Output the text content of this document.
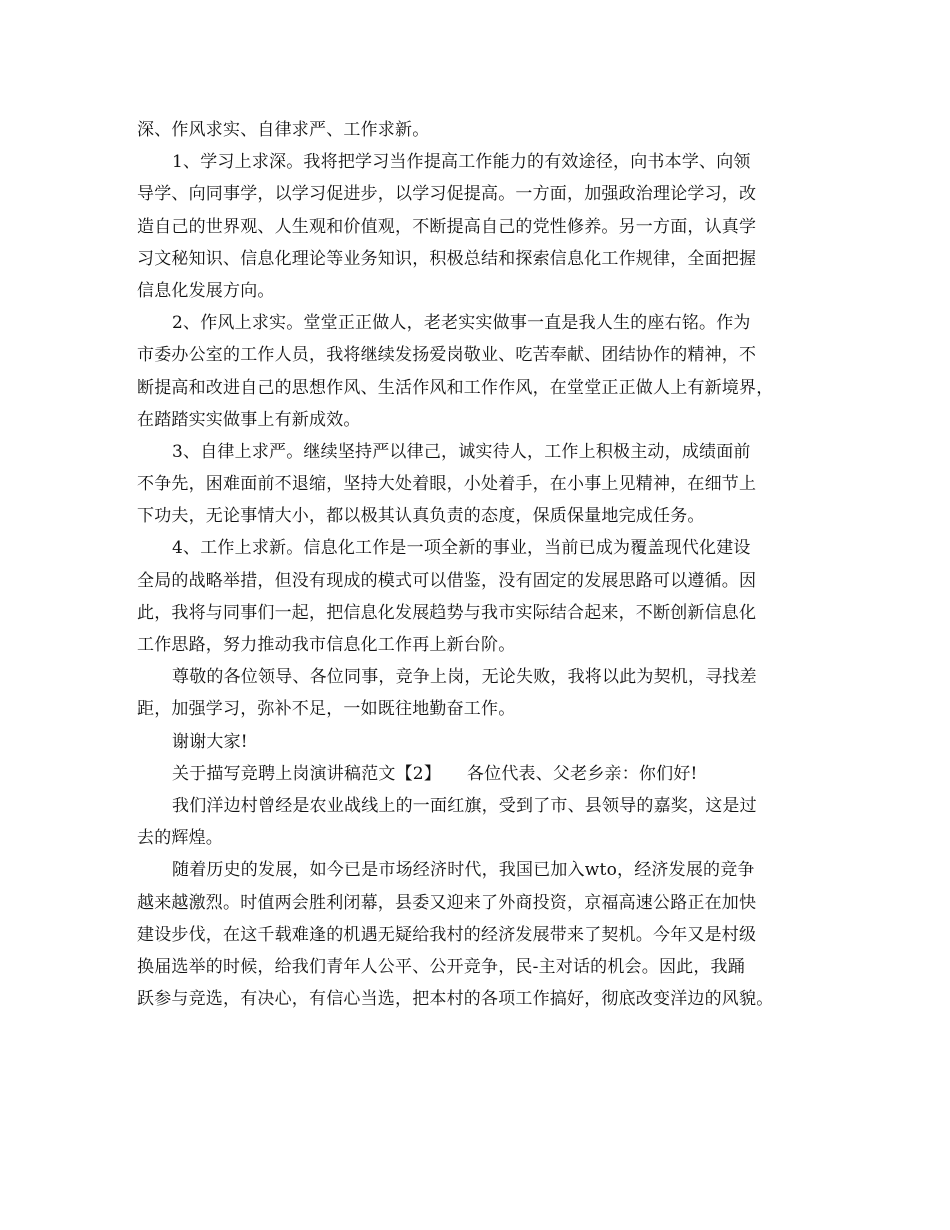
深、作风求实、自律求严、工作求新。

1、学习上求深。我将把学习当作提高工作能力的有效途径，向书本学、向领
导学、向同事学，以学习促进步，以学习促提高。一方面，加强政治理论学习，改
造自己的世界观、人生观和价值观，不断提高自己的党性修养。另一方面，认真学
习文秘知识、信息化理论等业务知识，积极总结和探索信息化工作规律，全面把握
信息化发展方向。

2、作风上求实。堂堂正正做人，老老实实做事一直是我人生的座右铭。作为
市委办公室的工作人员，我将继续发扬爱岗敬业、吃苦奉献、团结协作的精神，不
断提高和改进自己的思想作风、生活作风和工作作风，在堂堂正正做人上有新境界，
在踏踏实实做事上有新成效。

3、自律上求严。继续坚持严以律己，诚实待人，工作上积极主动，成绩面前
不争先，困难面前不退缩，坚持大处着眼，小处着手，在小事上见精神，在细节上
下功夫，无论事情大小，都以极其认真负责的态度，保质保量地完成任务。

4、工作上求新。信息化工作是一项全新的事业，当前已成为覆盖现代化建设
全局的战略举措，但没有现成的模式可以借鉴，没有固定的发展思路可以遵循。因
此，我将与同事们一起，把信息化发展趋势与我市实际结合起来，不断创新信息化
工作思路，努力推动我市信息化工作再上新台阶。

尊敬的各位领导、各位同事，竞争上岗，无论失败，我将以此为契机，寻找差
距，加强学习，弥补不足，一如既往地勤奋工作。

谢谢大家!

关于描写竞聘上岗演讲稿范文【2】　　各位代表、父老乡亲：你们好!

我们洋边村曾经是农业战线上的一面红旗，受到了市、县领导的嘉奖，这是过
去的辉煌。

随着历史的发展，如今已是市场经济时代，我国已加入wto，经济发展的竞争
越来越激烈。时值两会胜利闭幕，县委又迎来了外商投资，京福高速公路正在加快
建设步伐，在这千载难逢的机遇无疑给我村的经济发展带来了契机。今年又是村级
换届选举的时候，给我们青年人公平、公开竞争，民-主对话的机会。因此，我踊
跃参与竞选，有决心，有信心当选，把本村的各项工作搞好，彻底改变洋边的风貌。
